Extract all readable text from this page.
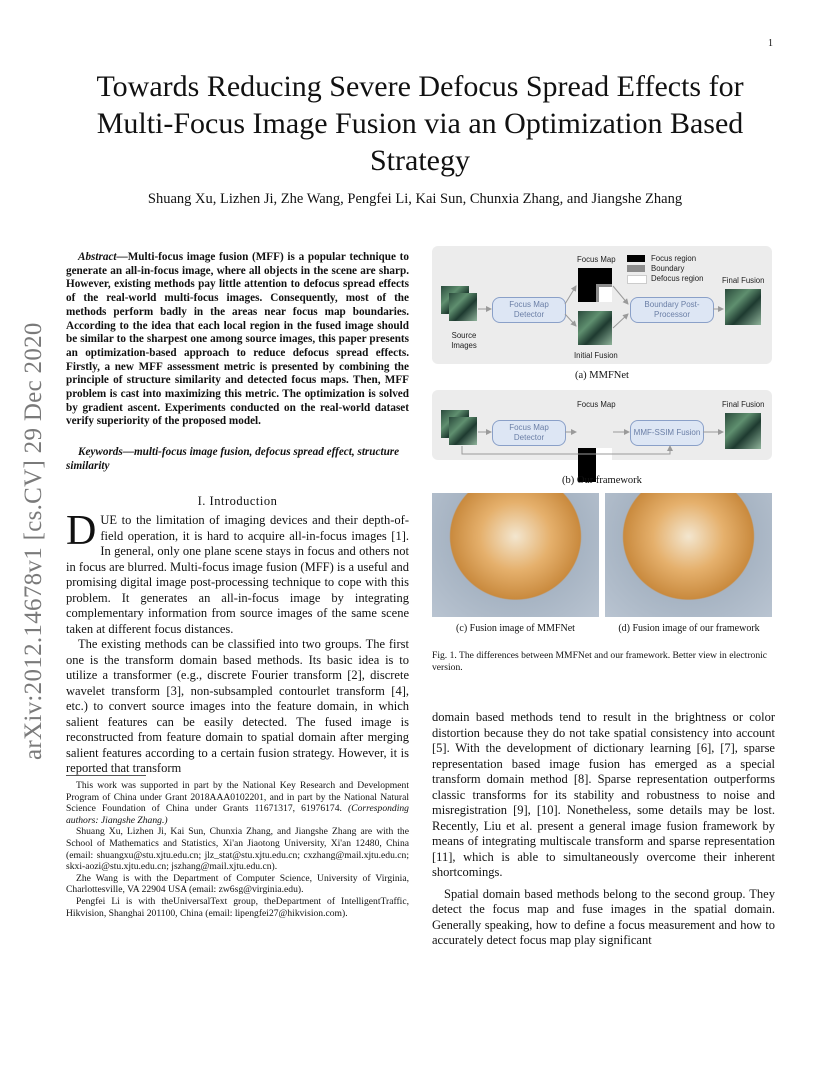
1
arXiv:2012.14678v1 [cs.CV] 29 Dec 2020
Towards Reducing Severe Defocus Spread Effects for Multi-Focus Image Fusion via an Optimization Based Strategy
Shuang Xu, Lizhen Ji, Zhe Wang, Pengfei Li, Kai Sun, Chunxia Zhang, and Jiangshe Zhang
Abstract—Multi-focus image fusion (MFF) is a popular technique to generate an all-in-focus image, where all objects in the scene are sharp. However, existing methods pay little attention to defocus spread effects of the real-world multi-focus images. Consequently, most of the methods perform badly in the areas near focus map boundaries. According to the idea that each local region in the fused image should be similar to the sharpest one among source images, this paper presents an optimization-based approach to reduce defocus spread effects. Firstly, a new MFF assessment metric is presented by combining the principle of structure similarity and detected focus maps. Then, MFF problem is cast into maximizing this metric. The optimization is solved by gradient ascent. Experiments conducted on the real-world dataset verify superiority of the proposed model.
Keywords—multi-focus image fusion, defocus spread effect, structure similarity
I. Introduction

DUE to the limitation of imaging devices and their depth-of-field operation, it is hard to acquire all-in-focus images [1]. In general, only one plane scene stays in focus and others not in focus are blurred. Multi-focus image fusion (MFF) is a useful and promising digital image post-processing technique to cope with this problem. It generates an all-in-focus image by integrating complementary information from source images of the same scene taken at different focus distances.

The existing methods can be classified into two groups. The first one is the transform domain based methods. Its basic idea is to utilize a transformer (e.g., discrete Fourier transform [2], discrete wavelet transform [3], non-subsampled contourlet transform [4], etc.) to convert source images into the feature domain, in which salient features can be easily detected. The fused image is reconstructed from feature domain to spatial domain after merging salient features according to a certain fusion strategy. However, it is reported that transform

This work was supported in part by the National Key Research and Development Program of China under Grant 2018AAA0102201, and in part by the National Natural Science Foundation of China under Grants 11671317, 61976174. (Corresponding authors: Jiangshe Zhang.)

Shuang Xu, Lizhen Ji, Kai Sun, Chunxia Zhang, and Jiangshe Zhang are with the School of Mathematics and Statistics, Xi'an Jiaotong University, Xi'an 12480, China (email: shuangxu@stu.xjtu.edu.cn; jlz_stat@stu.xjtu.edu.cn; cxzhang@mail.xjtu.edu.cn; skxi-aozi@stu.xjtu.edu.cn; jszhang@mail.xjtu.edu.cn).

Zhe Wang is with the Department of Computer Science, University of Virginia, Charlottesville, VA 22904 USA (email: zw6sg@virginia.edu).

Pengfei Li is with theUniversalText group, theDepartment of IntelligentTraffic, Hikvision, Shanghai 201100, China (email: lipengfei27@hikvision.com).

Focus Map	Focus region
Boundary
Defocus region Final Fusion
Source Images
Focus Map Detector
Initial Fusion
Boundary Post- Processor
(a) MMFNet
Focus Map	Final Fusion
Focus Map Detector
MMF-SSIM Fusion
(b) Our framework
(c) Fusion image of MMFNet	(d) Fusion image of our framework
Fig. 1. The differences between MMFNet and our framework. Better view in electronic version.

domain based methods tend to result in the brightness or color distortion because they do not take spatial consistency into account [5]. With the development of dictionary learning [6], [7], sparse representation based image fusion has emerged as a special transform domain method [8]. Sparse representation outperforms classic transforms for its stability and robustness to noise and misregistration [9], [10]. Nonetheless, some details may be lost. Recently, Liu et al. present a general image fusion framework by means of integrating multiscale transform and sparse representation [11], which is able to simultaneously overcome their inherent shortcomings.

Spatial domain based methods belong to the second group. They detect the focus map and fuse images in the spatial domain. Generally speaking, how to define a focus measurement and how to accurately detect focus map play significant
